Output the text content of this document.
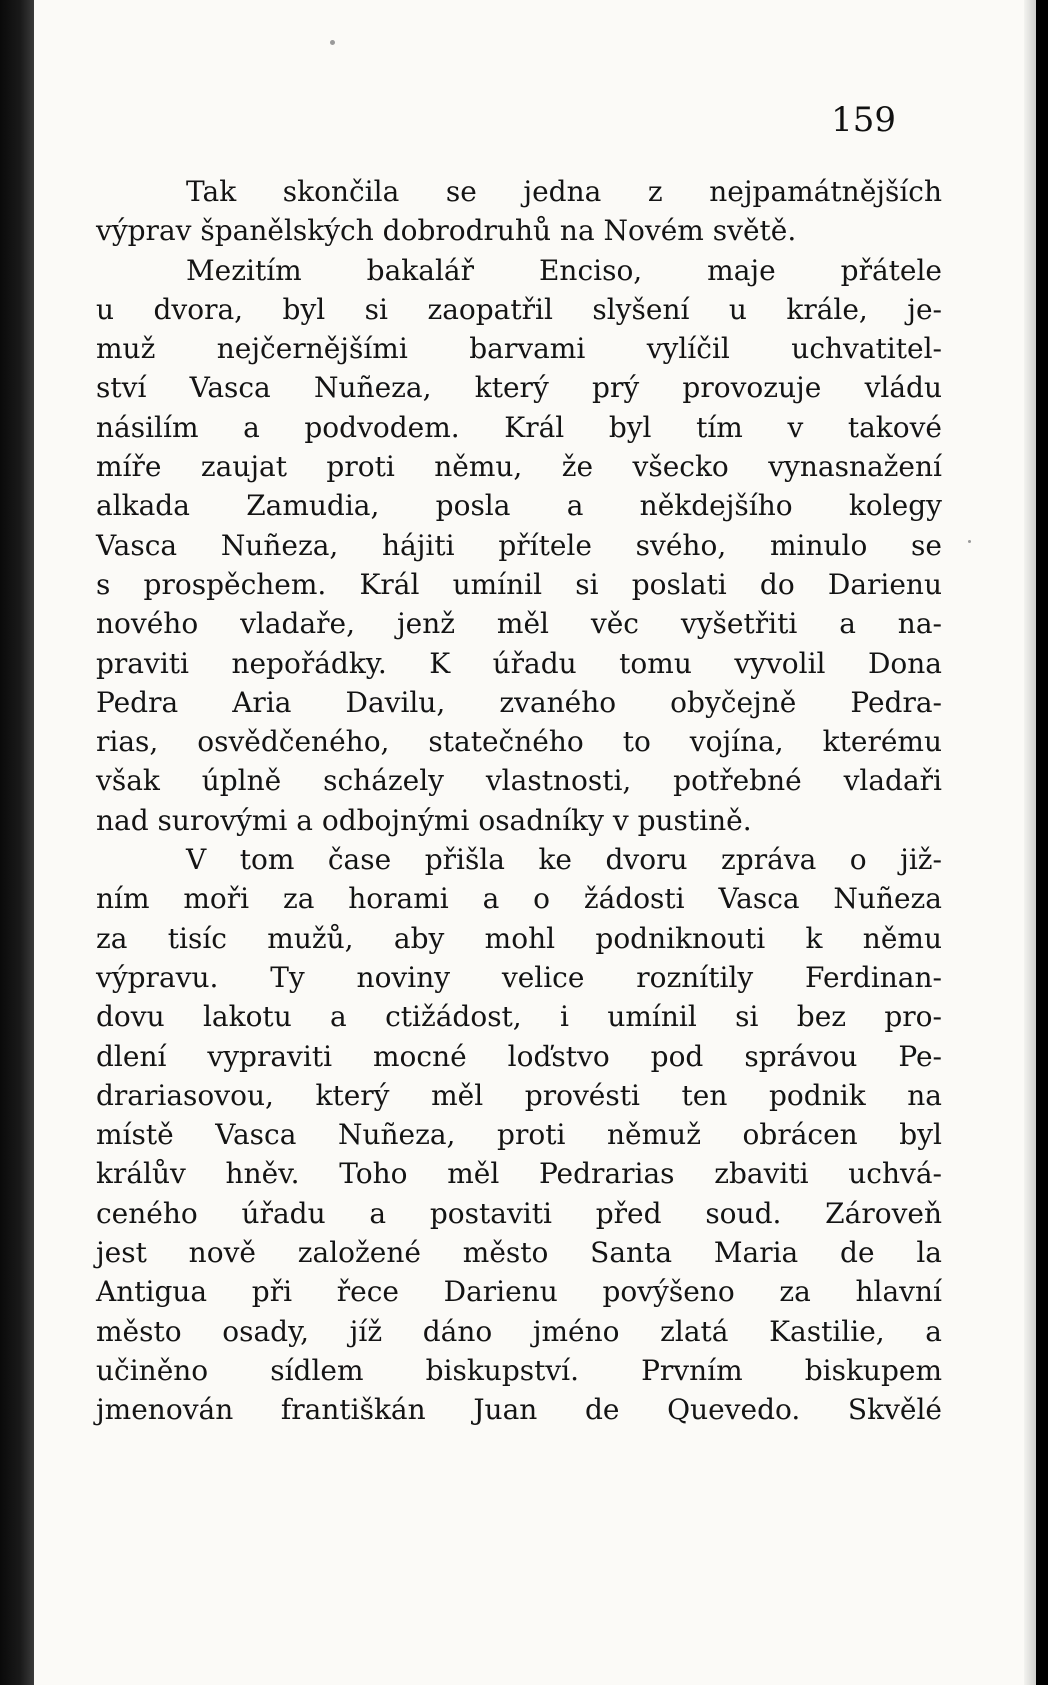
159
Tak skončila se jedna z nejpamátnějších
výprav španělských dobrodruhů na Novém světě.
Mezitím bakalář Enciso, maje přátele
u dvora, byl si zaopatřil slyšení u krále, je-
muž nejčernějšími barvami vylíčil uchvatitel-
ství Vasca Nuñeza, který prý provozuje vládu
násilím a podvodem. Král byl tím v takové
míře zaujat proti němu, že všecko vynasnažení
alkada Zamudia, posla a někdejšího kolegy
Vasca Nuñeza, hájiti přítele svého, minulo se
s prospěchem. Král umínil si poslati do Darienu
nového vladaře, jenž měl věc vyšetřiti a na-
praviti nepořádky. K úřadu tomu vyvolil Dona
Pedra Aria Davilu, zvaného obyčejně Pedra-
rias, osvědčeného, statečného to vojína, kterému
však úplně scházely vlastnosti, potřebné vladaři
nad surovými a odbojnými osadníky v pustině.
V tom čase přišla ke dvoru zpráva o již-
ním moři za horami a o žádosti Vasca Nuñeza
za tisíc mužů, aby mohl podniknouti k němu
výpravu. Ty noviny velice roznítily Ferdinan-
dovu lakotu a ctižádost, i umínil si bez pro-
dlení vypraviti mocné loďstvo pod správou Pe-
drariasovou, který měl provésti ten podnik na
místě Vasca Nuñeza, proti němuž obrácen byl
králův hněv. Toho měl Pedrarias zbaviti uchvá-
ceného úřadu a postaviti před soud. Zároveň
jest nově založené město Santa Maria de la
Antigua při řece Darienu povýšeno za hlavní
město osady, jíž dáno jméno zlatá Kastilie, a
učiněno sídlem biskupství. Prvním biskupem
jmenován františkán Juan de Quevedo. Skvělé
